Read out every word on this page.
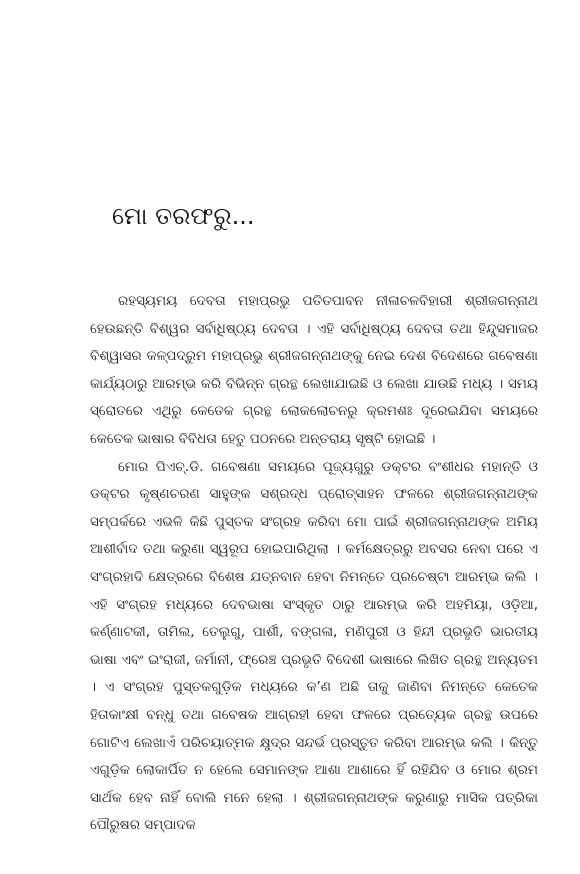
ମୋ ତରଫରୁ...

ରହସ୍ୟମୟ ଦେବତା ମହାପ୍ରଭୁ ପତିତପାବନ ନୀଳାଚଳବିହାରୀ ଶ୍ରୀଜଗନ୍ନାଥ ହେଉଛନ୍ତି ବିଶ୍ୱର ସର୍ବାଧିଷ୍ଠ୍ୟ ଦେବତା । ଏହି ସର୍ବାଧିଷ୍ଠ୍ୟ ଦେବତା ତଥା ହିନ୍ଦୁସମାଜର ବିଶ୍ୱାସର କଳ୍ପଦ୍ରୁମ ମହାପ୍ରଭୁ ଶ୍ରୀଜଗନ୍ନାଥଙ୍କୁ ନେଇ ଦେଶ ବିଦେଶରେ ଗବେଷଣା କାର୍ଯ୍ୟଠାରୁ ଆରମ୍ଭ କରି ବିଭିନ୍ନ ଗ୍ରନ୍ଥ ଲେଖାଯାଇଛି ଓ ଲେଖା ଯାଉଛି ମଧ୍ୟ । ସମୟ ସ୍ରୋତରେ ଏଥିରୁ କେତେକ ଗ୍ରନ୍ଥ ଲୋକଲୋଚନରୁ କ୍ରମଶଃ ଦୂରେଇଯିବା ସମୟରେ କେତେକ ଭାଷାର ବିବିଧତା ହେତୁ ପଠନରେ ଅନ୍ତରାୟ ସୃଷ୍ଟି ହୋଇଛି ।

ମୋର ପିଏଚ୍.ଡି. ଗବେଷଣା ସମୟରେ ପୂଜ୍ୟଗୁରୁ ଡକ୍ଟର ବଂଶୀଧର ମହାନ୍ତି ଓ ଡକ୍ଟର କୃଷ୍ଣଚରଣ ସାହୁଙ୍କ ସଶ୍ରଦ୍ଧ ପ୍ରୋତ୍ସାହନ ଫଳରେ ଶ୍ରୀଜଗନ୍ନାଥଙ୍କ ସମ୍ପର୍କରେ ଏଭଳି କିଛି ପୁସ୍ତକ ସଂଗ୍ରହ କରିବା ମୋ ପାଇଁ ଶ୍ରୀଜଗନ୍ନାଥଙ୍କ ଅମିୟ ଆଶୀର୍ବାଦ ତଥା କରୁଣା ସ୍ୱରୂପ ହୋଇପାରିଥିଲା । କର୍ମକ୍ଷେତ୍ରରୁ ଅବସର ନେବା ପରେ ଏ ସଂଗ୍ରହାଦି କ୍ଷେତ୍ରରେ ବିଶେଷ ଯତ୍ନବାନ ହେବା ନିମନ୍ତେ ପ୍ରଚେଷ୍ଟା ଆରମ୍ଭ କଲି । ଏହି ସଂଗ୍ରହ ମଧ୍ୟରେ ଦେବଭାଷା ସଂସ୍କୃତ ଠାରୁ ଆରମ୍ଭ କରି ଅହମିୟା, ଓଡ଼ିଆ, କର୍ଣ୍ଣାଟକୀ, ତାମିଲ, ତେଲୁଗୁ, ପାର୍ଶୀ, ବଙ୍ଗଳା, ମଣିପୁରୀ ଓ ହିନ୍ଦୀ ପ୍ରଭୃତି ଭାରତୀୟ ଭାଷା ଏବଂ ଇଂରାଜୀ, ଜର୍ମାନୀ, ଫ୍ରେଞ୍ଚ ପ୍ରଭୃତି ବିଦେଶୀ ଭାଷାରେ ଲିଖିତ ଗ୍ରନ୍ଥ ଅନ୍ୟତମ । ଏ ସଂଗ୍ରହ ପୁସ୍ତକଗୁଡ଼ିକ ମଧ୍ୟରେ କ’ଣ ଅଛି ତାକୁ ଜାଣିବା ନିମନ୍ତେ କେତେକ ହିତାକାଂକ୍ଷୀ ବନ୍ଧୁ ତଥା ଗବେଷକ ଆଗ୍ରହୀ ହେବା ଫଳରେ ପ୍ରତ୍ୟେକ ଗ୍ରନ୍ଥ ଉପରେ ଗୋଟିଏ ଲେଖାଏଁ ପରିଚୟାତ୍ମକ କ୍ଷୁଦ୍ର ସନ୍ଦର୍ଭ ପ୍ରସ୍ତୁତ କରିବା ଆରମ୍ଭ କଲି । କିନ୍ତୁ ଏଗୁଡ଼ିକ ଲୋକାର୍ପିତ ନ ହେଲେ ସେମାନଙ୍କ ଆଶା ଆଶାରେ ହିଁ ରହିଯିବ ଓ ମୋର ଶ୍ରମ ସାର୍ଥକ ହେବ ନାହିଁ ବୋଲି ମନେ ହେଲା । ଶ୍ରୀଜଗନ୍ନାଥଙ୍କ କରୁଣାରୁ ମାସିକ ପତ୍ରିକା ପୌରୁଷର ସମ୍ପାଦକ
